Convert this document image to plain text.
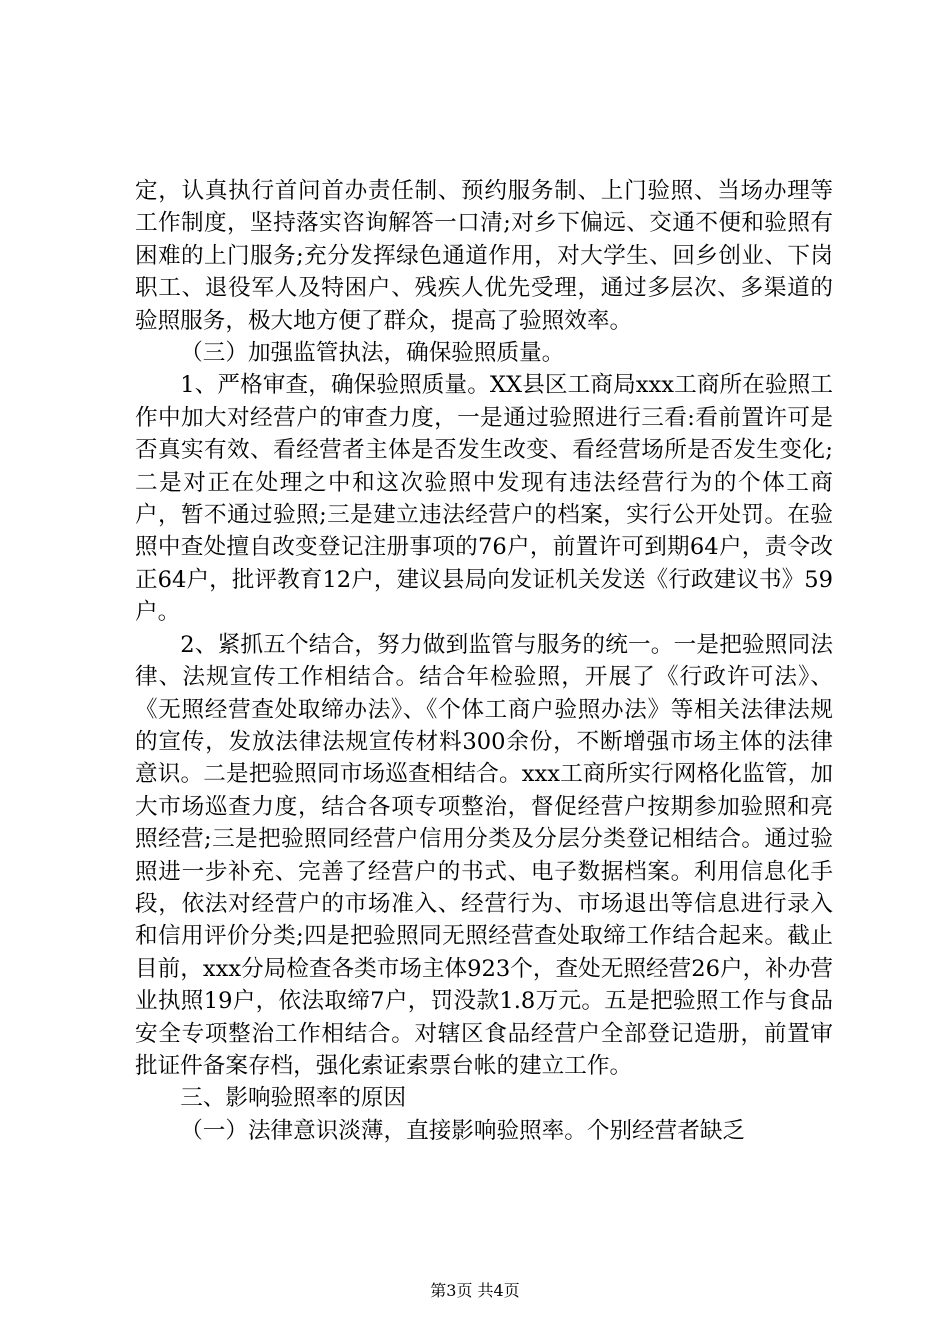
定，认真执行首问首办责任制、预约服务制、上门验照、当场办理等工作制度，坚持落实咨询解答一口清;对乡下偏远、交通不便和验照有困难的上门服务;充分发挥绿色通道作用，对大学生、回乡创业、下岗职工、退役军人及特困户、残疾人优先受理，通过多层次、多渠道的验照服务，极大地方便了群众，提高了验照效率。

（三）加强监管执法，确保验照质量。

1、严格审查，确保验照质量。XX县区工商局xxx工商所在验照工作中加大对经营户的审查力度，一是通过验照进行三看:看前置许可是否真实有效、看经营者主体是否发生改变、看经营场所是否发生变化;二是对正在处理之中和这次验照中发现有违法经营行为的个体工商户，暂不通过验照;三是建立违法经营户的档案，实行公开处罚。在验照中查处擅自改变登记注册事项的76户，前置许可到期64户，责令改正64户，批评教育12户，建议县局向发证机关发送《行政建议书》59户。

2、紧抓五个结合，努力做到监管与服务的统一。一是把验照同法律、法规宣传工作相结合。结合年检验照，开展了《行政许可法》、《无照经营查处取缔办法》、《个体工商户验照办法》等相关法律法规的宣传，发放法律法规宣传材料300余份，不断增强市场主体的法律意识。二是把验照同市场巡查相结合。xxx工商所实行网格化监管，加大市场巡查力度，结合各项专项整治，督促经营户按期参加验照和亮照经营;三是把验照同经营户信用分类及分层分类登记相结合。通过验照进一步补充、完善了经营户的书式、电子数据档案。利用信息化手段，依法对经营户的市场准入、经营行为、市场退出等信息进行录入和信用评价分类;四是把验照同无照经营查处取缔工作结合起来。截止目前，xxx分局检查各类市场主体923个，查处无照经营26户，补办营业执照19户，依法取缔7户，罚没款1.8万元。五是把验照工作与食品安全专项整治工作相结合。对辖区食品经营户全部登记造册，前置审批证件备案存档，强化索证索票台帐的建立工作。

三、影响验照率的原因

（一）法律意识淡薄，直接影响验照率。个别经营者缺乏

第3页 共4页
